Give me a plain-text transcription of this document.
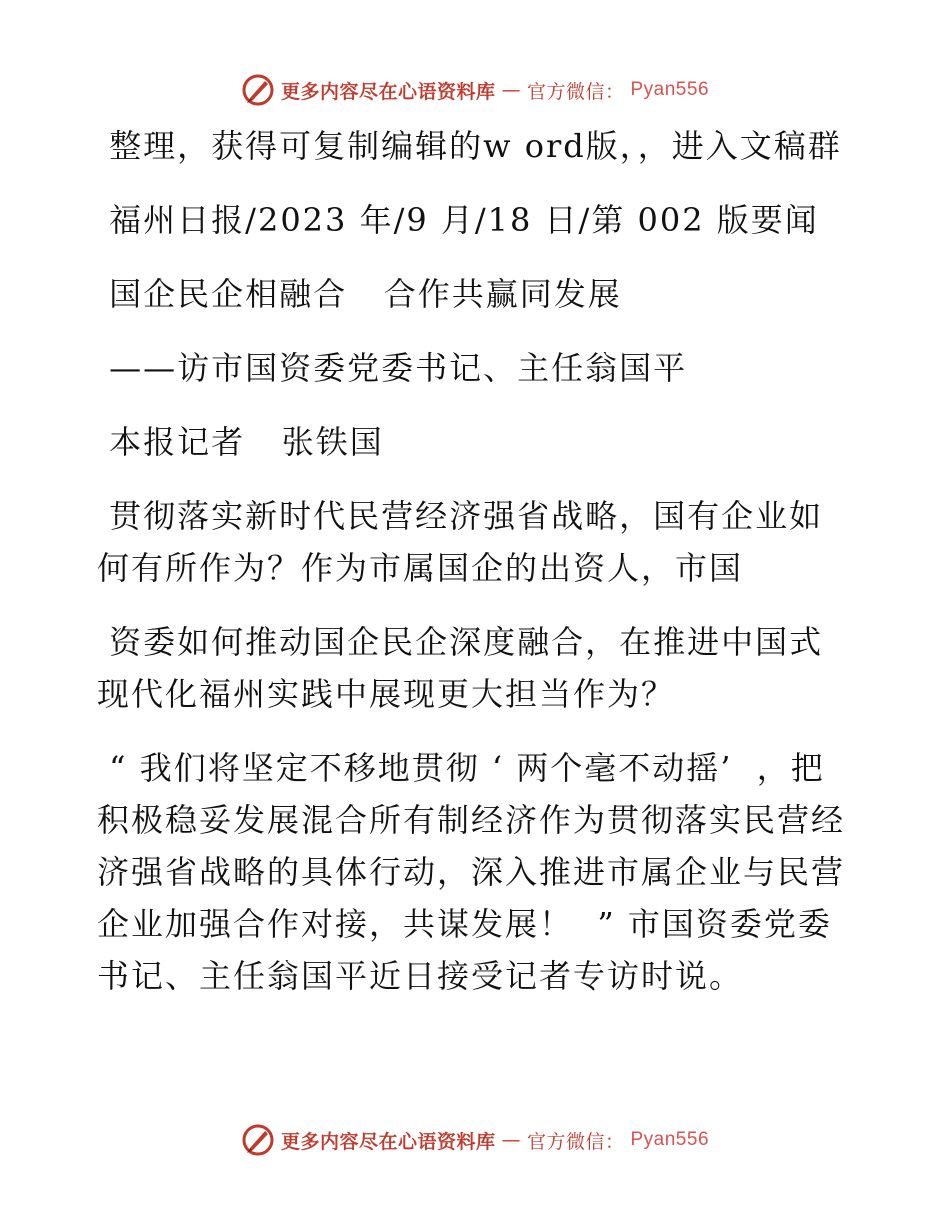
更多内容尽在心语资料库 — 官方微信： Pyan556

整理，获得可复制编辑的w ord版，，进入文稿群

福州日报/2023 年/9 月/18 日/第 002 版要闻

国企民企相融合   合作共赢同发展

——访市国资委党委书记、主任翁国平

本报记者   张铁国

贯彻落实新时代民营经济强省战略，国有企业如何有所作为？作为市属国企的出资人，市国

资委如何推动国企民企深度融合，在推进中国式现代化福州实践中展现更大担当作为？

“ 我们将坚定不移地贯彻 ‘ 两个毫不动摇’  ，把积极稳妥发展混合所有制经济作为贯彻落实民营经济强省战略的具体行动，深入推进市属企业与民营企业加强合作对接，共谋发展！  ” 市国资委党委书记、主任翁国平近日接受记者专访时说。

更多内容尽在心语资料库 — 官方微信： Pyan556
